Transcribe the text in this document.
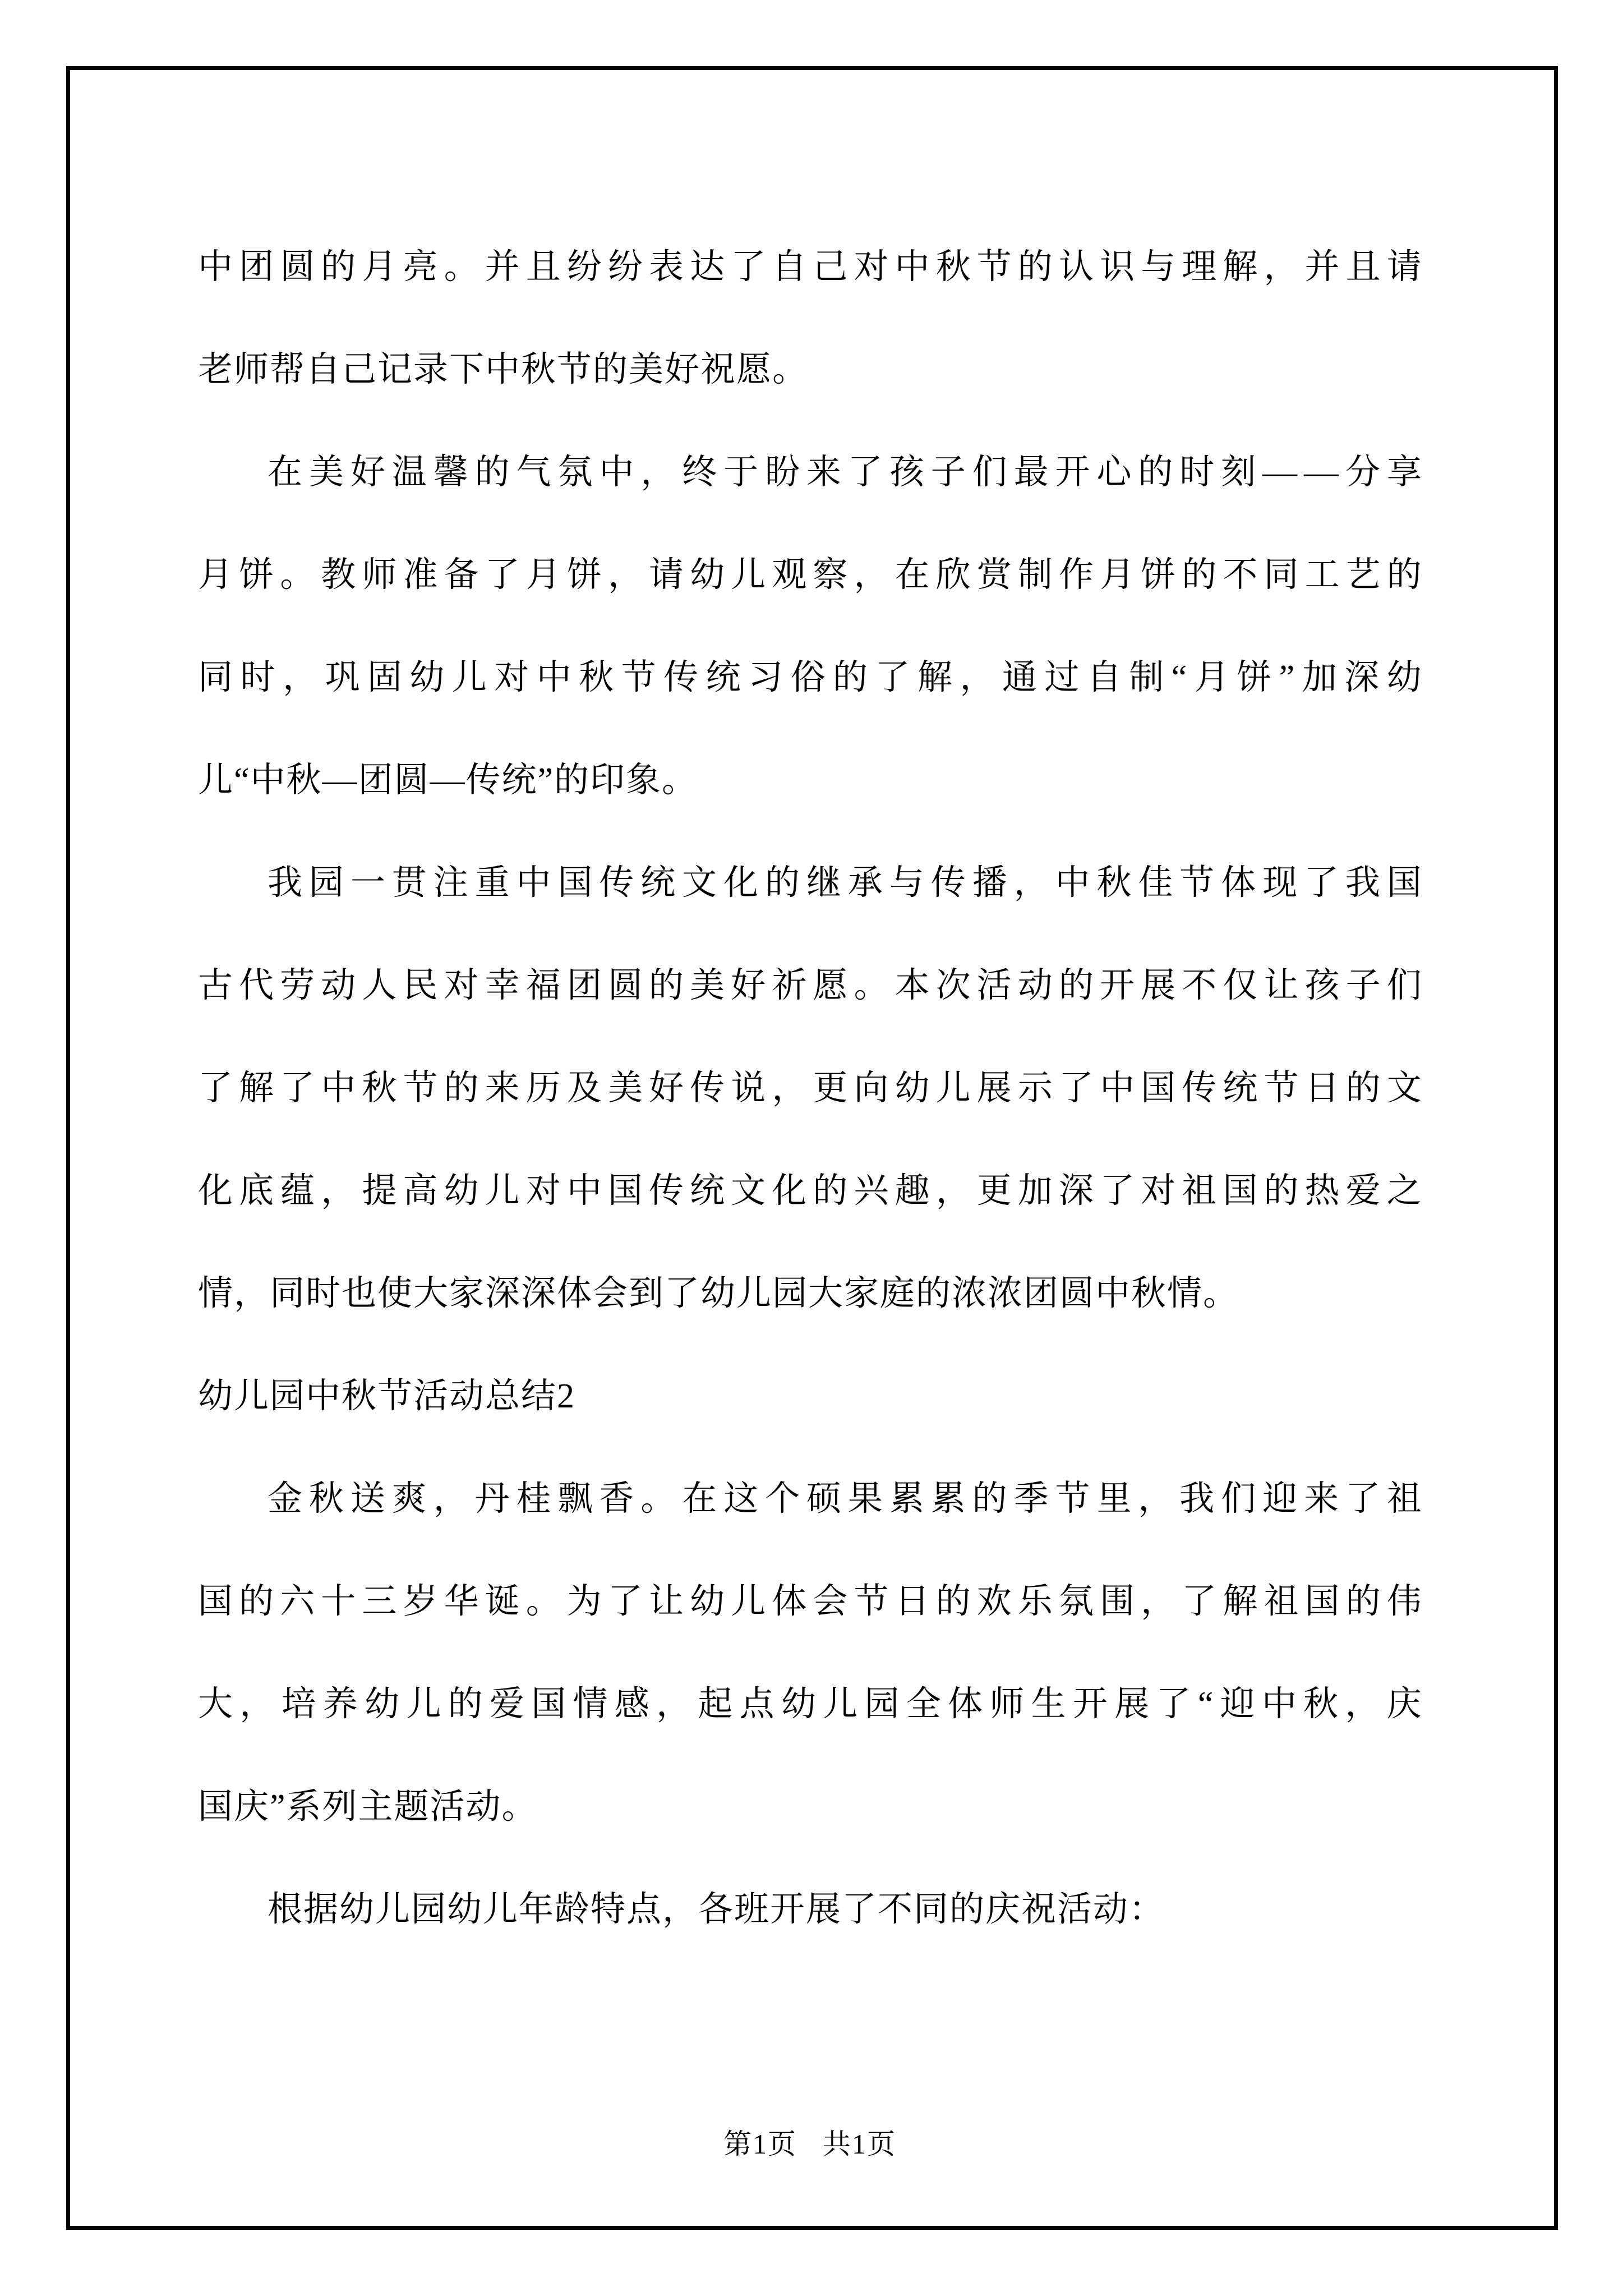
中 团 圆 的 月 亮 。 并 且 纷 纷 表 达 了 自 己 对 中 秋 节 的 认 识 与 理 解 ， 并 且 请
老师帮自己记录下中秋节的美好祝愿。
在 美 好 温 馨 的 气 氛 中 ， 终 于 盼 来 了 孩 子 们 最 开 心 的 时 刻 — — 分 享
月 饼 。 教 师 准 备 了 月 饼 ， 请 幼 儿 观 察 ， 在 欣 赏 制 作 月 饼 的 不 同 工 艺 的
同 时 ， 巩 固 幼 儿 对 中 秋 节 传 统 习 俗 的 了 解 ， 通 过 自 制 “ 月 饼 ” 加 深 幼
儿“中秋—团圆—传统”的印象。
我 园 一 贯 注 重 中 国 传 统 文 化 的 继 承 与 传 播 ， 中 秋 佳 节 体 现 了 我 国
古 代 劳 动 人 民 对 幸 福 团 圆 的 美 好 祈 愿 。 本 次 活 动 的 开 展 不 仅 让 孩 子 们
了 解 了 中 秋 节 的 来 历 及 美 好 传 说 ， 更 向 幼 儿 展 示 了 中 国 传 统 节 日 的 文
化 底 蕴 ， 提 高 幼 儿 对 中 国 传 统 文 化 的 兴 趣 ， 更 加 深 了 对 祖 国 的 热 爱 之
情，同时也使大家深深体会到了幼儿园大家庭的浓浓团圆中秋情。
幼儿园中秋节活动总结2
金 秋 送 爽 ， 丹 桂 飘 香 。 在 这 个 硕 果 累 累 的 季 节 里 ， 我 们 迎 来 了 祖
国 的 六 十 三 岁 华 诞 。 为 了 让 幼 儿 体 会 节 日 的 欢 乐 氛 围 ， 了 解 祖 国 的 伟
大 ， 培 养 幼 儿 的 爱 国 情 感 ， 起 点 幼 儿 园 全 体 师 生 开 展 了 “ 迎 中 秋 ， 庆
国庆”系列主题活动。
根据幼儿园幼儿年龄特点，各班开展了不同的庆祝活动：
第1页 共1页
